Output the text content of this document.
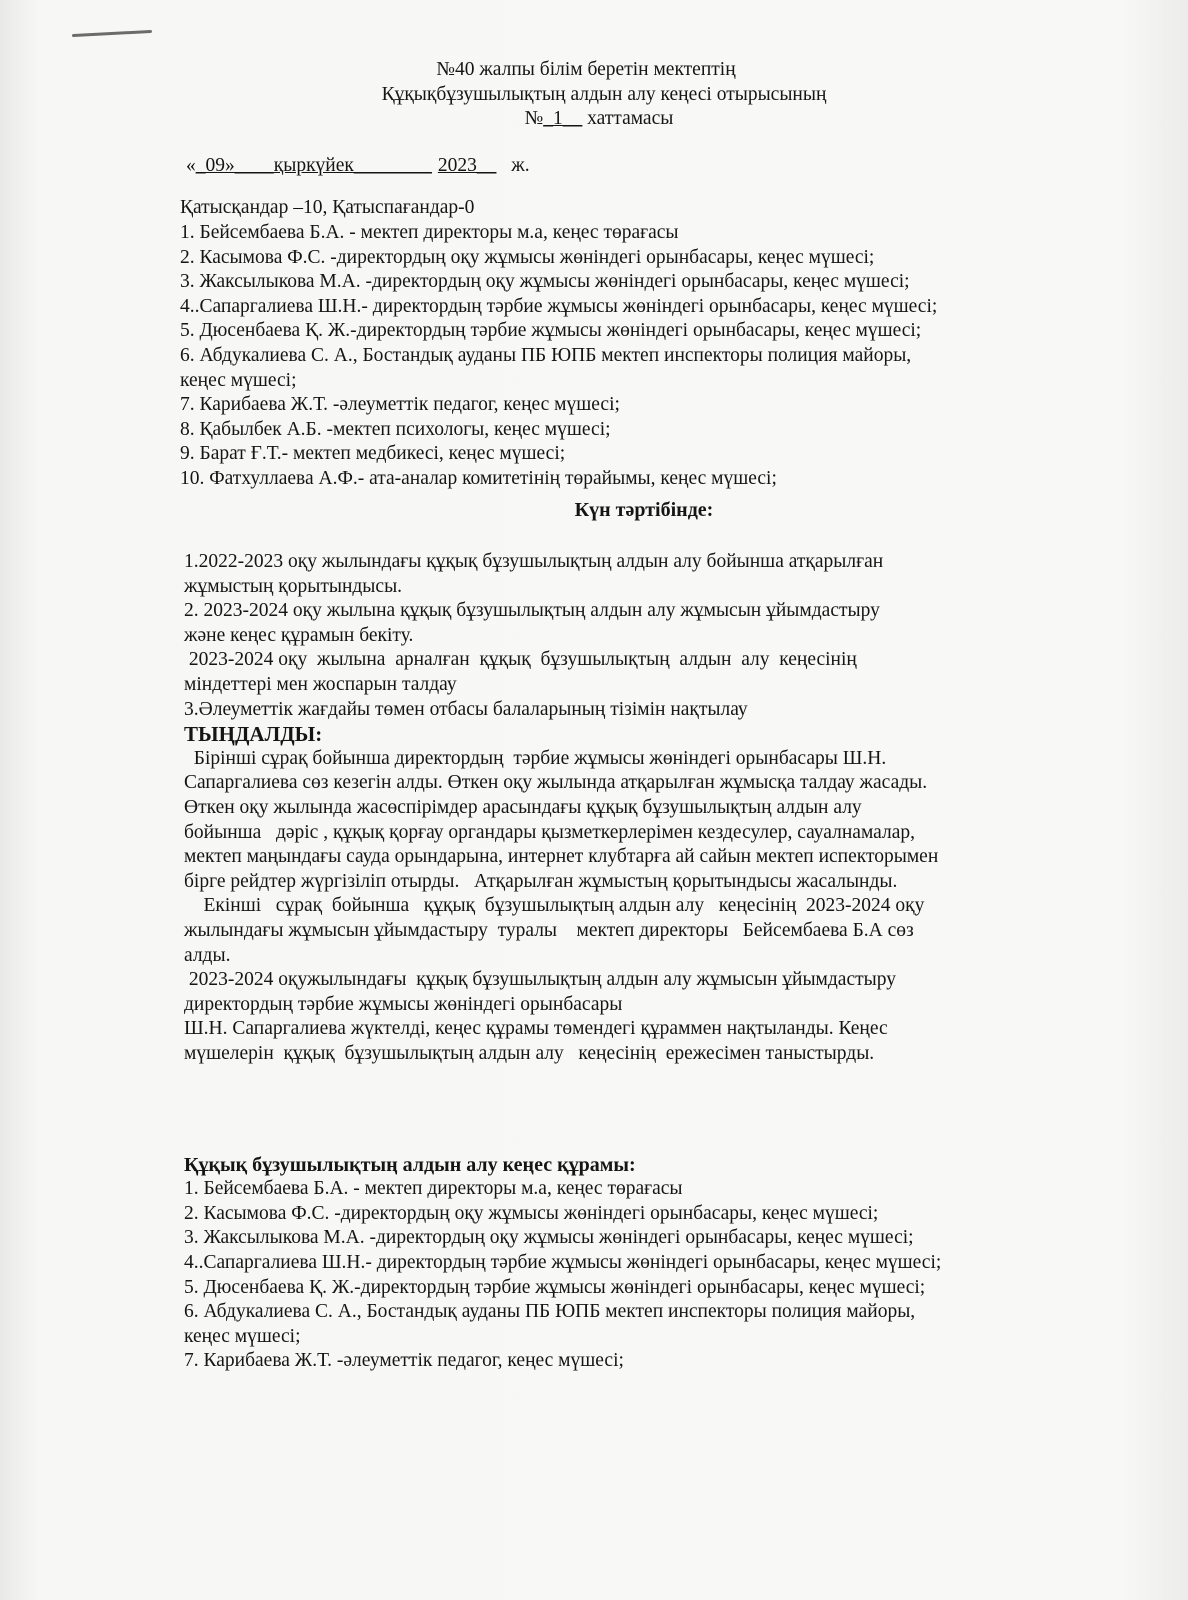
№40 жалпы білім беретін мектептің

Құқықбұзушылықтың алдын алу кеңесі отырысының

№_1__ хаттамасы

«_09»____қыркүйек________ 2023__ ж.

Қатысқандар –10, Қатыспағандар-0

1. Бейсембаева Б.А. - мектеп директоры м.а, кеңес төрағасы

2. Касымова Ф.С. -директордың оқу жұмысы жөніндегі орынбасары, кеңес мүшесі;

3. Жаксылыкова М.А. -директордың оқу жұмысы жөніндегі орынбасары, кеңес мүшесі;

4..Сапаргалиева Ш.Н.- директордың тәрбие жұмысы жөніндегі орынбасары, кеңес мүшесі;

5. Дюсенбаева Қ. Ж.-директордың тәрбие жұмысы жөніндегі орынбасары, кеңес мүшесі;

6. Абдукалиева С. А., Бостандық ауданы ПБ ЮПБ мектеп инспекторы полиция майоры,

кеңес мүшесі;

7. Карибаева Ж.Т. -әлеуметтік педагог, кеңес мүшесі;

8. Қабылбек А.Б. -мектеп психологы, кеңес мүшесі;

9. Барат Ғ.Т.- мектеп медбикесі, кеңес мүшесі;

10. Фатхуллаева А.Ф.- ата-аналар комитетінің төрайымы, кеңес мүшесі;

Күн тәртібінде:

1.2022-2023 оқу жылындағы құқық бұзушылықтың алдын алу бойынша атқарылған

жұмыстың қорытындысы.

2. 2023-2024 оқу жылына құқық бұзушылықтың алдын алу жұмысын ұйымдастыру

және кеңес құрамын бекіту.

2023-2024 оқу  жылына  арналған  құқық  бұзушылықтың  алдын  алу  кеңесінің

міндеттері мен жоспарын талдау

3.Әлеуметтік жағдайы төмен отбасы балаларының тізімін нақтылау

ТЫҢДАЛДЫ:

Бірінші сұрақ бойынша директордың  тәрбие жұмысы жөніндегі орынбасары Ш.Н.

Сапаргалиева сөз кезегін алды. Өткен оқу жылында атқарылған жұмысқа талдау жасады.

Өткен оқу жылында жасөспірімдер арасындағы құқық бұзушылықтың алдын алу

бойынша   дәріс , құқық қорғау органдары қызметкерлерімен кездесулер, сауалнамалар,

мектеп маңындағы сауда орындарына, интернет клубтарға ай сайын мектеп испекторымен

бірге рейдтер жүргізіліп отырды.   Атқарылған жұмыстың қорытындысы жасалынды.

Екінші   сұрақ  бойынша   құқық  бұзушылықтың алдын алу   кеңесінің  2023-2024 оқу

жылындағы жұмысын ұйымдастыру  туралы    мектеп директоры   Бейсембаева Б.А сөз

алды.

2023-2024 оқужылындағы  құқық бұзушылықтың алдын алу жұмысын ұйымдастыру

директордың тәрбие жұмысы жөніндегі орынбасары

Ш.Н. Сапаргалиева жүктелді, кеңес құрамы төмендегі құраммен нақтыланды. Кеңес

мүшелерін  құқық  бұзушылықтың алдын алу   кеңесінің  ережесімен таныстырды.

Құқық бұзушылықтың алдын алу кеңес құрамы:

1. Бейсембаева Б.А. - мектеп директоры м.а, кеңес төрағасы

2. Касымова Ф.С. -директордың оқу жұмысы жөніндегі орынбасары, кеңес мүшесі;

3. Жаксылыкова М.А. -директордың оқу жұмысы жөніндегі орынбасары, кеңес мүшесі;

4..Сапаргалиева Ш.Н.- директордың тәрбие жұмысы жөніндегі орынбасары, кеңес мүшесі;

5. Дюсенбаева Қ. Ж.-директордың тәрбие жұмысы жөніндегі орынбасары, кеңес мүшесі;

6. Абдукалиева С. А., Бостандық ауданы ПБ ЮПБ мектеп инспекторы полиция майоры,

кеңес мүшесі;

7. Карибаева Ж.Т. -әлеуметтік педагог, кеңес мүшесі;
